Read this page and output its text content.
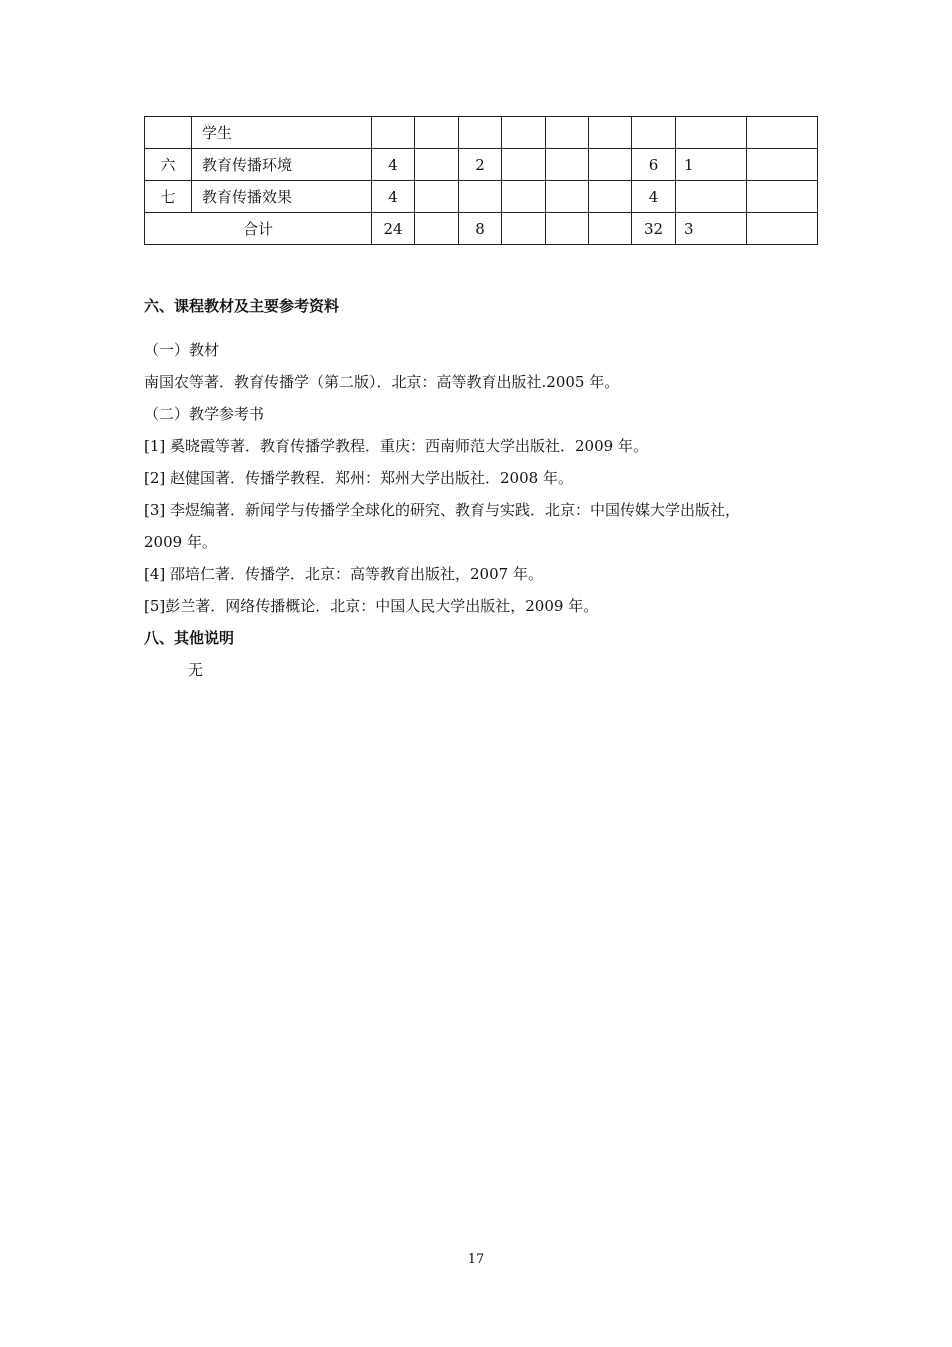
	学生									
六	教育传播环境	4		2				6	1	
七	教育传播效果	4						4		
合计		24		8				32	3	
六、课程教材及主要参考资料
（一）教材
南国农等著．教育传播学（第二版）．北京：高等教育出版社.2005 年。
（二）教学参考书
[1] 奚晓霞等著．教育传播学教程．重庆：西南师范大学出版社．2009 年。
[2] 赵健国著．传播学教程．郑州：郑州大学出版社．2008 年。
[3] 李煜编著．新闻学与传播学全球化的研究、教育与实践．北京：中国传媒大学出版社，
2009 年。
[4] 邵培仁著．传播学．北京：高等教育出版社，2007 年。
[5]彭兰著．网络传播概论．北京：中国人民大学出版社，2009 年。
八、其他说明
无
17
